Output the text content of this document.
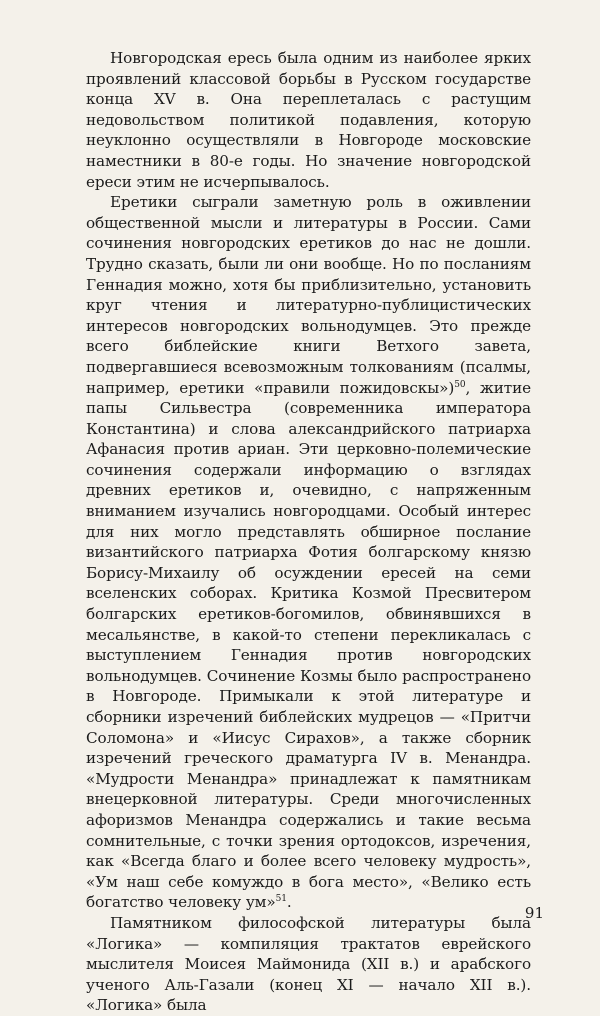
Новгородская ересь была одним из наиболее ярких проявлений классовой борьбы в Русском государстве конца XV в. Она переплеталась с растущим недовольством политикой подавления, которую неуклонно осуществляли в Новгороде московские наместники в 80-е годы. Но значение новгородской ереси этим не исчерпывалось.

Еретики сыграли заметную роль в оживлении общественной мысли и литературы в России. Сами сочинения новгородских еретиков до нас не дошли. Трудно сказать, были ли они вообще. Но по посланиям Геннадия можно, хотя бы приблизительно, установить круг чтения и литературно-публицистических интересов новгородских вольнодумцев. Это прежде всего библейские книги Ветхого завета, подвергавшиеся всевозможным толкованиям (псалмы, например, еретики «правили пожидовскы»)$^{50}$, житие папы Сильвестра (современника императора Константина) и слова александрийского патриарха Афанасия против ариан. Эти церковно-полемические сочинения содержали информацию о взглядах древних еретиков и, очевидно, с напряженным вниманием изучались новгородцами. Особый интерес для них могло представлять обширное послание византийского патриарха Фотия болгарскому князю Борису-Михаилу об осуждении ересей на семи вселенских соборах. Критика Козмой Пресвитером болгарских еретиков-богомилов, обвинявшихся в месальянстве, в какой-то степени перекликалась с выступлением Геннадия против новгородских вольнодумцев. Сочинение Козмы было распространено в Новгороде. Примыкали к этой литературе и сборники изречений библейских мудрецов — «Притчи Соломона» и «Иисус Сирахов», а также сборник изречений греческого драматурга IV в. Менандра. «Мудрости Менандра» принадлежат к памятникам внецерковной литературы. Среди многочисленных афоризмов Менандра содержались и такие весьма сомнительные, с точки зрения ортодоксов, изречения, как «Всегда благо и более всего человеку мудрость», «Ум наш себе комуждо в бога место», «Велико есть богатство человеку ум»$^{51}$.

Памятником философской литературы была «Логика» — компиляция трактатов еврейского мыслителя Моисея Маймонида (XII в.) и арабского ученого Аль-Газали (конец XI — начало XII в.). «Логика» была

91
